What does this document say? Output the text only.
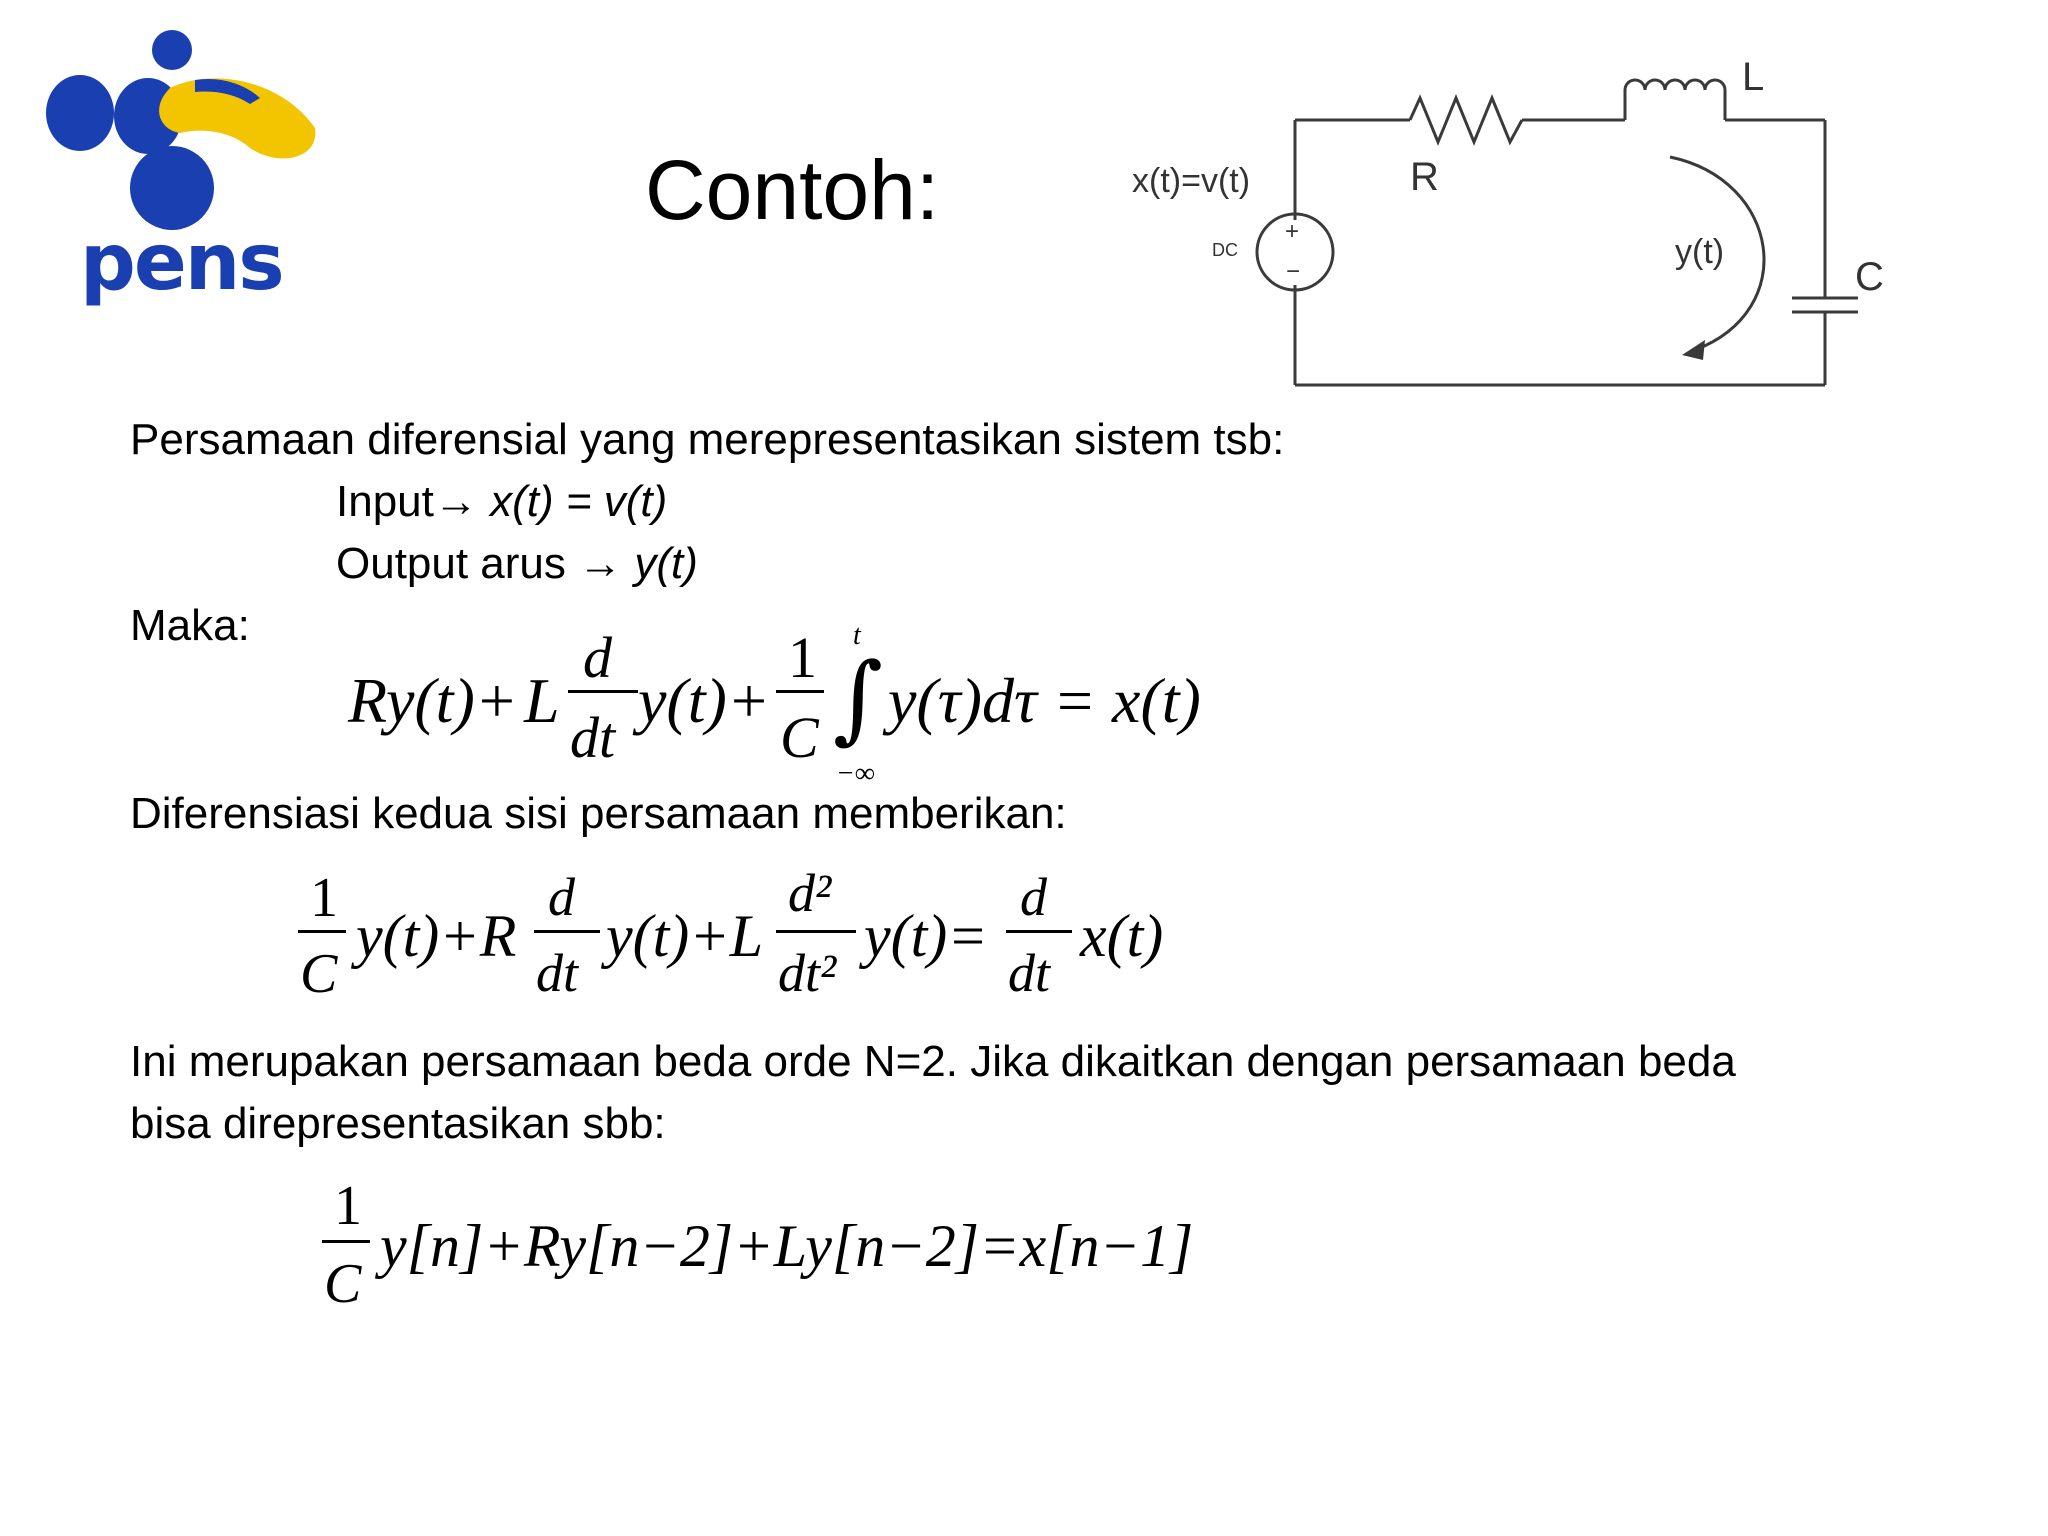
pens
Contoh:	x(t)=v(t)
DC
+
−
R
L
C
y(t)
Persamaan diferensial yang merepresentasikan sistem tsb:
Input→ x(t) = v(t)
Output arus → y(t)
Maka:
Ry(t)+ L
d
dt
y(t)+
1
C
t
∫
−∞
y(τ)dτ = x(t)
Diferensiasi kedua sisi persamaan memberikan:
1
C
y(t)+R
d
dt
y(t)+L
d²
dt²
y(t)=
d
dt
x(t)
Ini merupakan persamaan beda orde N=2. Jika dikaitkan dengan persamaan beda
bisa direpresentasikan sbb:
1
C
y[n]+Ry[n−2]+Ly[n−2]=x[n−1]
